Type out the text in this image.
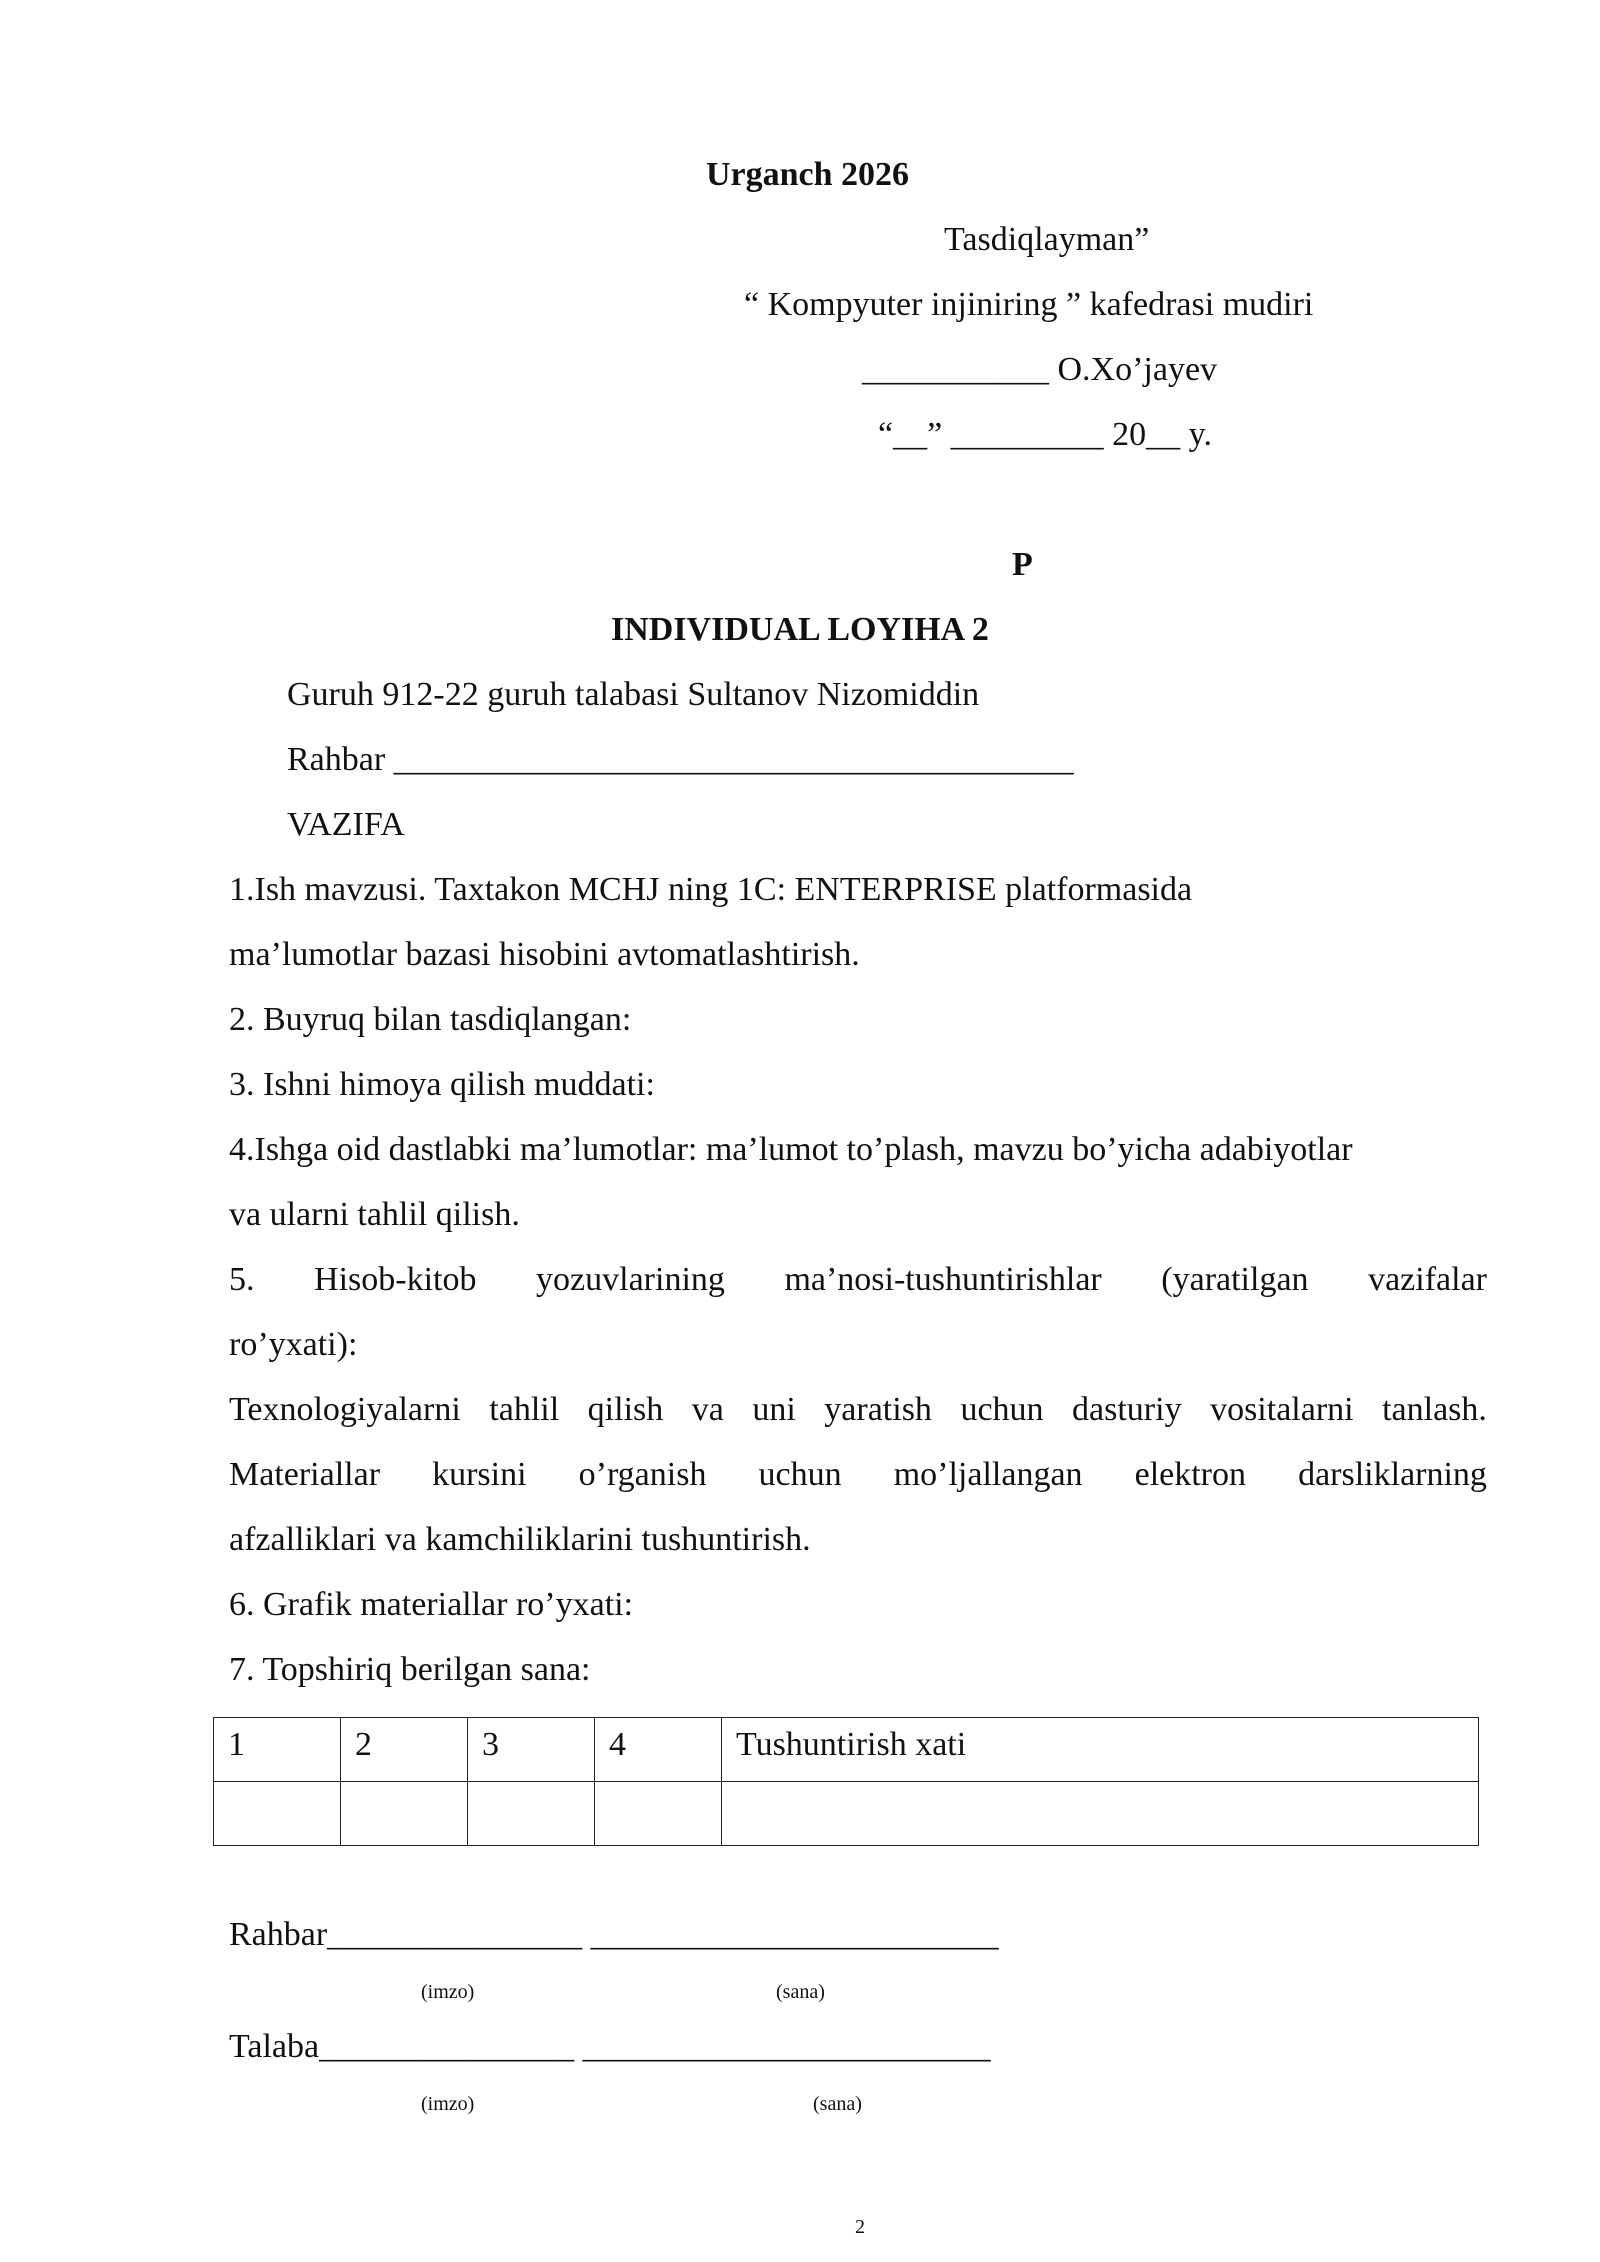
Urganch 2026
Tasdiqlayman”
“ Kompyuter injiniring ” kafedrasi mudiri
___________ O.Xo’jayev
“__” _________ 20__ y.
P
INDIVIDUAL LOYIHA 2
Guruh 912-22 guruh talabasi Sultanov Nizomiddin
Rahbar ________________________________________
VAZIFA
1.Ish mavzusi. Taxtakon MCHJ ning 1C: ENTERPRISE platformasida
ma’lumotlar bazasi hisobini avtomatlashtirish.
2. Buyruq bilan tasdiqlangan:
3. Ishni himoya qilish muddati:
4.Ishga oid dastlabki ma’lumotlar: ma’lumot to’plash, mavzu bo’yicha adabiyotlar
va ularni tahlil qilish.
5. Hisob-kitob yozuvlarining ma’nosi-tushuntirishlar (yaratilgan vazifalar
ro’yxati):
Texnologiyalarni tahlil qilish va uni yaratish uchun dasturiy vositalarni tanlash.
Materiallar kursini o’rganish uchun mo’ljallangan elektron darsliklarning
afzalliklari va kamchiliklarini tushuntirish.
6. Grafik materiallar ro’yxati:
7. Topshiriq berilgan sana:
1	2	3	4	Tushuntirish xati

Rahbar_______________ ________________________
(imzo)	(sana)
Talaba_______________ ________________________
(imzo)	(sana)
2
